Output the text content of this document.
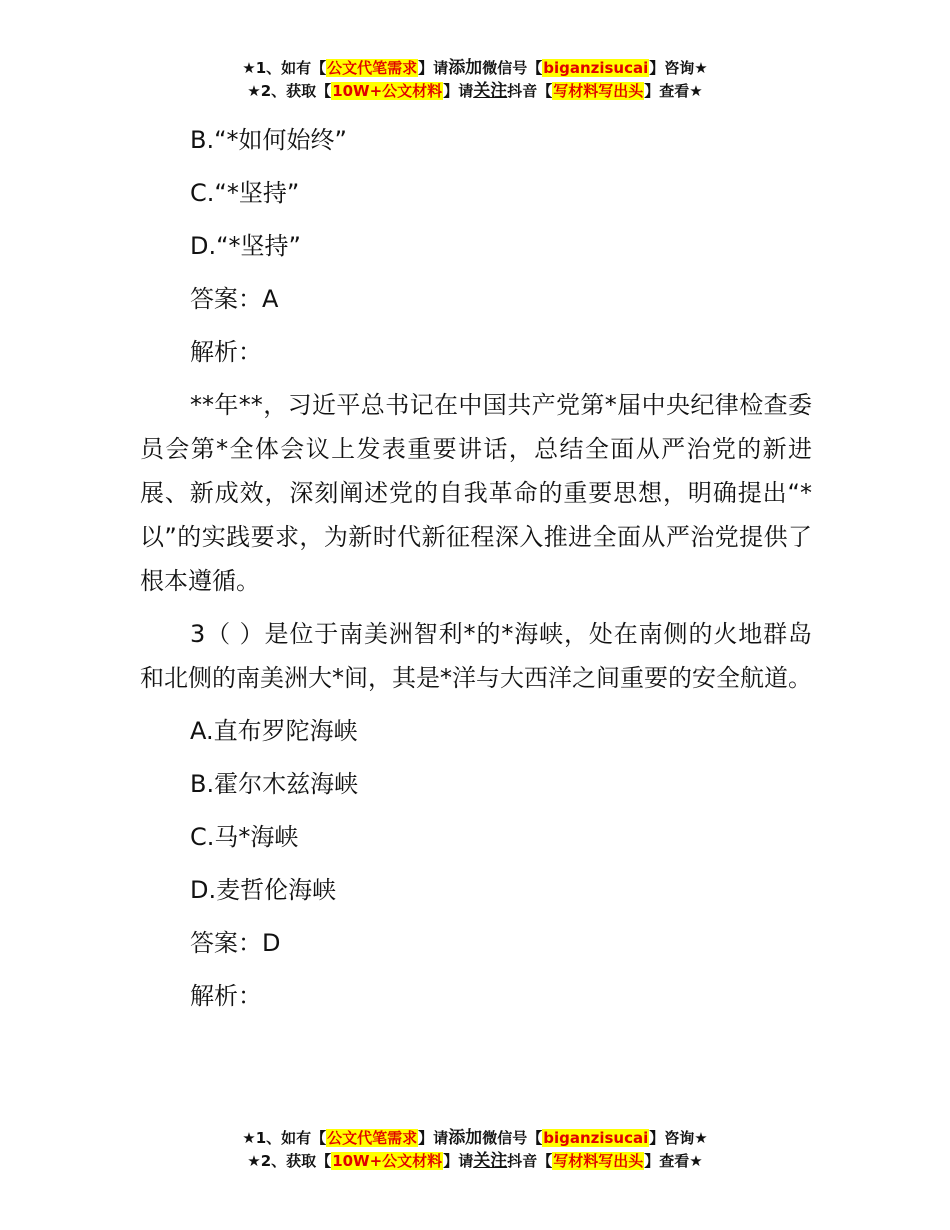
★1、如有【公文代笔需求】请添加微信号【biganzisucai】咨询★
★2、获取【10W+公文材料】请关注抖音【写材料写出头】查看★
B.“*如何始终”
C.“*坚持”
D.“*坚持”
答案：A
解析：
**年**，习近平总书记在中国共产党第*届中央纪律检查委员会第*全体会议上发表重要讲话，总结全面从严治党的新进展、新成效，深刻阐述党的自我革命的重要思想，明确提出“*以”的实践要求，为新时代新征程深入推进全面从严治党提供了根本遵循。
3（ ）是位于南美洲智利*的*海峡，处在南侧的火地群岛和北侧的南美洲大*间，其是*洋与大西洋之间重要的安全航道。
A.直布罗陀海峡
B.霍尔木兹海峡
C.马*海峡
D.麦哲伦海峡
答案：D
解析：
★1、如有【公文代笔需求】请添加微信号【biganzisucai】咨询★
★2、获取【10W+公文材料】请关注抖音【写材料写出头】查看★
